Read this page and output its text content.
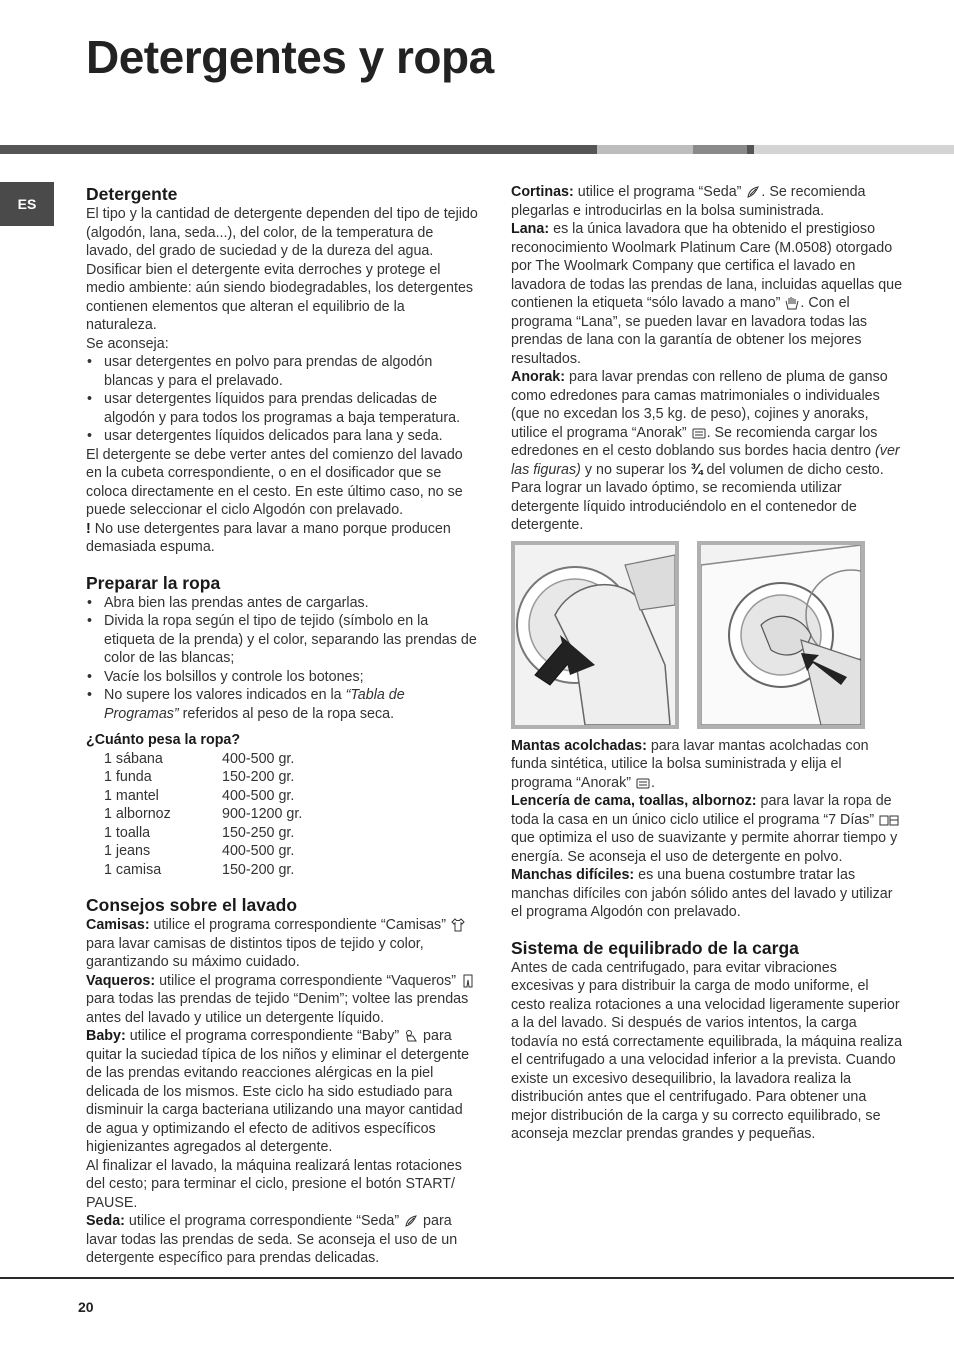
Detergentes y ropa
ES	Detergente

El tipo y la cantidad de detergente dependen del tipo de tejido (algodón, lana, seda...), del color, de la temperatura de lavado, del grado de suciedad y de la dureza del agua.

Dosificar bien el detergente evita derroches y protege el medio ambiente: aún siendo biodegradables, los detergentes contienen elementos que alteran el equilibrio de la naturaleza.

Se aconseja:

• usar detergentes en polvo para prendas de algodón blancas y para el prelavado.
• usar detergentes líquidos para prendas delicadas de algodón y para todos los programas a baja temperatura.
• usar detergentes líquidos delicados para lana y seda.

El detergente se debe verter antes del comienzo del lavado en la cubeta correspondiente, o en el dosificador que se coloca directamente en el cesto. En este último caso, no se puede seleccionar el ciclo Algodón con prelavado.

! No use detergentes para lavar a mano porque producen demasiada espuma.

Preparar la ropa
• Abra bien las prendas antes de cargarlas.
• Divida la ropa según el tipo de tejido (símbolo en la etiqueta de la prenda) y el color, separando las prendas de color de las blancas;
• Vacíe los bolsillos y controle los botones;
• No supere los valores indicados en la “Tabla de Programas” referidos al peso de la ropa seca.
¿Cuánto pesa la ropa?
1 sábana	400-500 gr.
1 funda	150-200 gr.
1 mantel	400-500 gr.
1 albornoz	900-1200 gr.
1 toalla	150-250 gr.
1 jeans	400-500 gr.
1 camisa	150-200 gr.
Consejos sobre el lavado

Camisas: utilice el programa correspondiente “Camisas”  para lavar camisas de distintos tipos de tejido y color, garantizando su máximo cuidado.

Vaqueros: utilice el programa correspondiente “Vaqueros”  para todas las prendas de tejido “Denim”; voltee las prendas antes del lavado y utilice un detergente líquido.

Baby: utilice el programa correspondiente “Baby”  para quitar la suciedad típica de los niños y eliminar el detergente de las prendas evitando reacciones alérgicas en la piel delicada de los mismos. Este ciclo ha sido estudiado para disminuir la carga bacteriana utilizando una mayor cantidad de agua y optimizando el efecto de aditivos específicos higienizantes agregados al detergente.

Al finalizar el lavado, la máquina realizará lentas rotaciones del cesto; para terminar el ciclo, presione el botón START/ PAUSE.

Seda: utilice el programa correspondiente “Seda”  para lavar todas las prendas de seda. Se aconseja el uso de un detergente específico para prendas delicadas.

Cortinas: utilice el programa “Seda” . Se recomienda plegarlas e introducirlas en la bolsa suministrada.

Lana: es la única lavadora que ha obtenido el prestigioso reconocimiento Woolmark Platinum Care (M.0508) otorgado por The Woolmark Company que certifica el lavado en lavadora de todas las prendas de lana, incluidas aquellas que contienen la etiqueta “sólo lavado a mano” . Con el programa “Lana”, se pueden lavar en lavadora todas las prendas de lana con la garantía de obtener los mejores resultados.

Anorak: para lavar prendas con relleno de pluma de ganso como edredones para camas matrimoniales o individuales (que no excedan los 3,5 kg. de peso), cojines y anoraks, utilice el programa “Anorak” . Se recomienda cargar los edredones en el cesto doblando sus bordes hacia dentro (ver las figuras) y no superar los ¾ del volumen de dicho cesto.

Para lograr un lavado óptimo, se recomienda utilizar detergente líquido introduciéndolo en el contenedor de detergente.

Mantas acolchadas: para lavar mantas acolchadas con funda sintética, utilice la bolsa suministrada y elija el programa “Anorak” .

Lencería de cama, toallas, albornoz: para lavar la ropa de toda la casa en un único ciclo utilice el programa “7 Días”  que optimiza el uso de suavizante y permite ahorrar tiempo y energía. Se aconseja el uso de detergente en polvo.

Manchas difíciles: es una buena costumbre tratar las manchas difíciles con jabón sólido antes del lavado y utilizar el programa Algodón con prelavado.

Sistema de equilibrado de la carga

Antes de cada centrifugado, para evitar vibraciones excesivas y para distribuir la carga de modo uniforme, el cesto realiza rotaciones a una velocidad ligeramente superior a la del lavado. Si después de varios intentos, la carga todavía no está correctamente equilibrada, la máquina realiza el centrifugado a una velocidad inferior a la prevista. Cuando existe un excesivo desequilibrio, la lavadora realiza la distribución antes que el centrifugado. Para obtener una mejor distribución de la carga y su correcto equilibrado, se aconseja mezclar prendas grandes y pequeñas.

20
